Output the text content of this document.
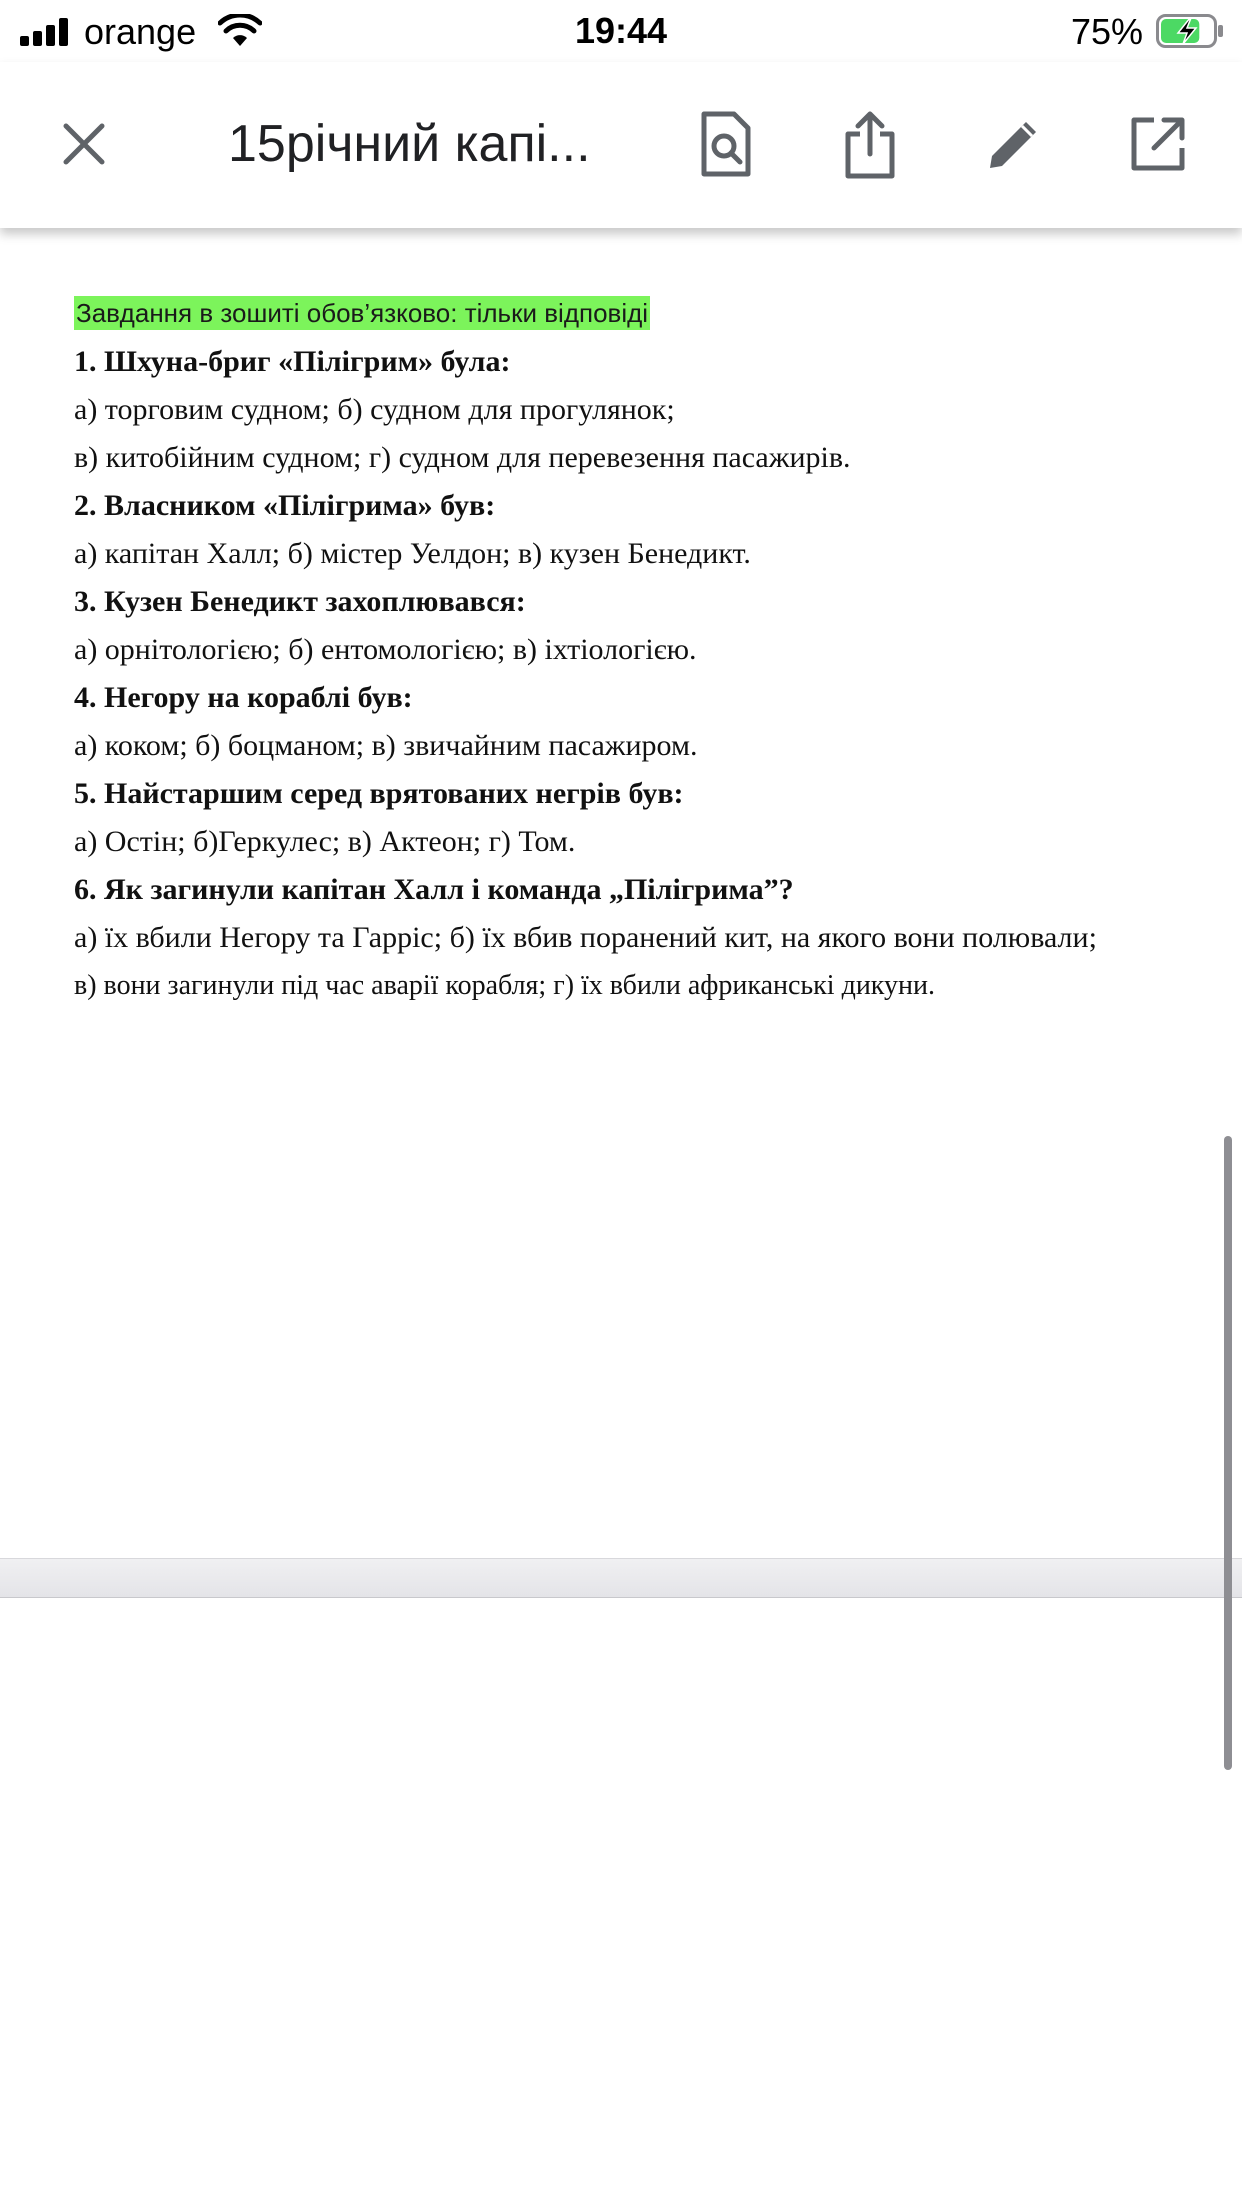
orange	19:44	75%
15річний капі...
Завдання в зошиті обов’язково: тільки відповіді
1. Шхуна-бриг «Пілігрим» була:
а) торговим судном; б) судном для прогулянок;
в) китобійним судном; г) судном для перевезення пасажирів.
2. Власником «Пілігрима» був:
а) капітан Халл; б) містер Уелдон; в) кузен Бенедикт.
3. Кузен Бенедикт захоплювався:
а) орнітологією; б) ентомологією; в) іхтіологією.
4. Негору на кораблі був:
а) коком; б) боцманом; в) звичайним пасажиром.
5. Найстаршим серед врятованих негрів був:
а) Остін; б)Геркулес; в) Актеон; г) Том.
6. Як загинули капітан Халл і команда „Пілігрима”?
а) їх вбили Негору та Гарріс; б) їх вбив поранений кит, на якого вони полювали;
в) вони загинули під час аварії корабля; г) їх вбили африканські дикуни.
